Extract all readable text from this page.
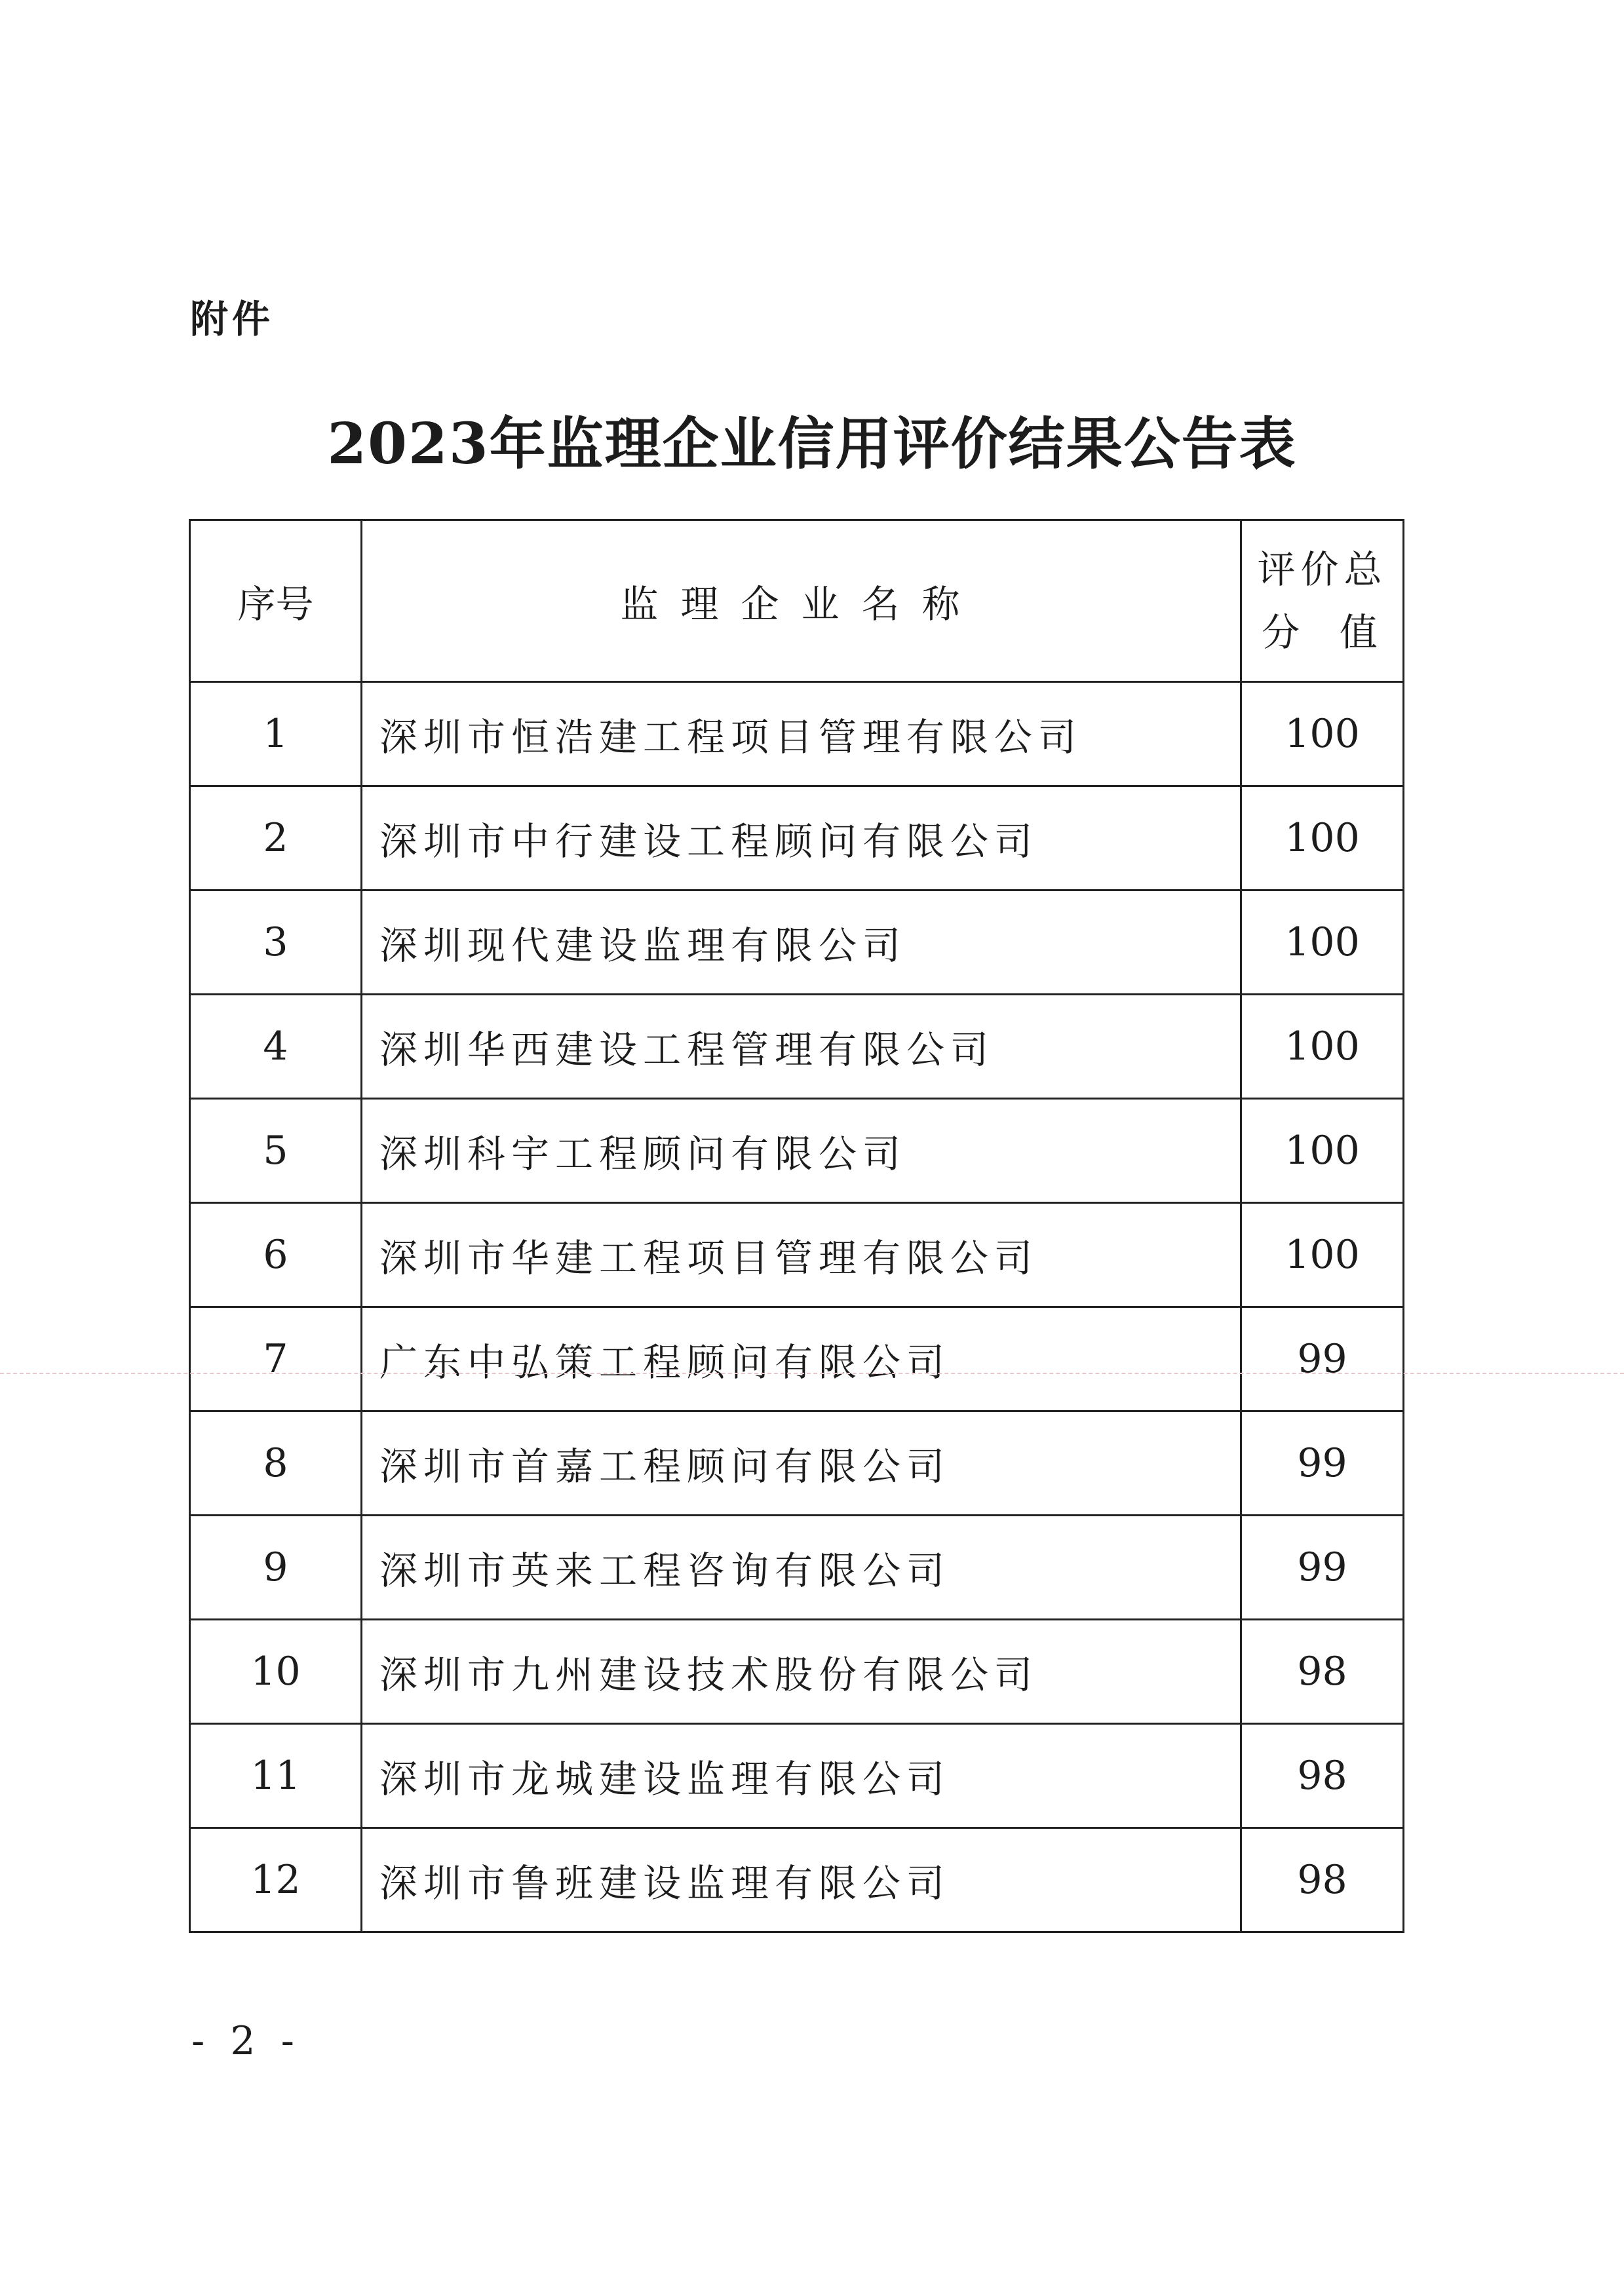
附件
2023年监理企业信用评价结果公告表
序号	监理企业名称	评价总
分  值

1	深圳市恒浩建工程项目管理有限公司	100
2	深圳市中行建设工程顾问有限公司	100
3	深圳现代建设监理有限公司	100
4	深圳华西建设工程管理有限公司	100
5	深圳科宇工程顾问有限公司	100
6	深圳市华建工程项目管理有限公司	100
7	广东中弘策工程顾问有限公司	99
8	深圳市首嘉工程顾问有限公司	99
9	深圳市英来工程咨询有限公司	99
10	深圳市九州建设技术股份有限公司	98
11	深圳市龙城建设监理有限公司	98
12	深圳市鲁班建设监理有限公司	98
- 2 -
